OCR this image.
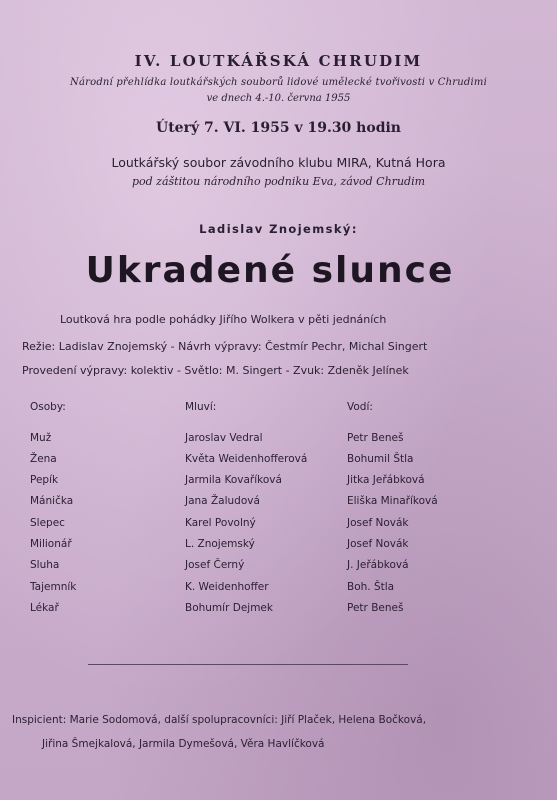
IV. LOUTKÁŘSKÁ CHRUDIM
Národní přehlídka loutkářských souborů lidové umělecké tvořivosti v Chrudimi
ve dnech 4.-10. června 1955
Úterý 7. VI. 1955 v 19.30 hodin
Loutkářský soubor závodního klubu MIRA, Kutná Hora
pod záštitou národního podniku Eva, závod Chrudim
Ladislav Znojemský:
Ukradené slunce
Loutková hra podle pohádky Jiřího Wolkera v pěti jednáních
Režie: Ladislav Znojemský - Návrh výpravy: Čestmír Pechr, Michal Singert
Provedení výpravy: kolektiv - Světlo: M. Singert - Zvuk: Zdeněk Jelínek
Osoby:	Mluví:	Vodí:
Muž	Jaroslav Vedral	Petr Beneš
Žena	Květa Weidenhofferová	Bohumil Štla
Pepík	Jarmila Kovaříková	Jitka Jeřábková
Mánička	Jana Žaludová	Eliška Minaříková
Slepec	Karel Povolný	Josef Novák
Milionář	L. Znojemský	Josef Novák
Sluha	Josef Černý	J. Jeřábková
Tajemník	K. Weidenhoffer	Boh. Štla
Lékař	Bohumír Dejmek	Petr Beneš
Inspicient: Marie Sodomová, další spolupracovníci: Jiří Plaček, Helena Bočková,
Jiřina Šmejkalová, Jarmila Dymešová, Věra Havlíčková
